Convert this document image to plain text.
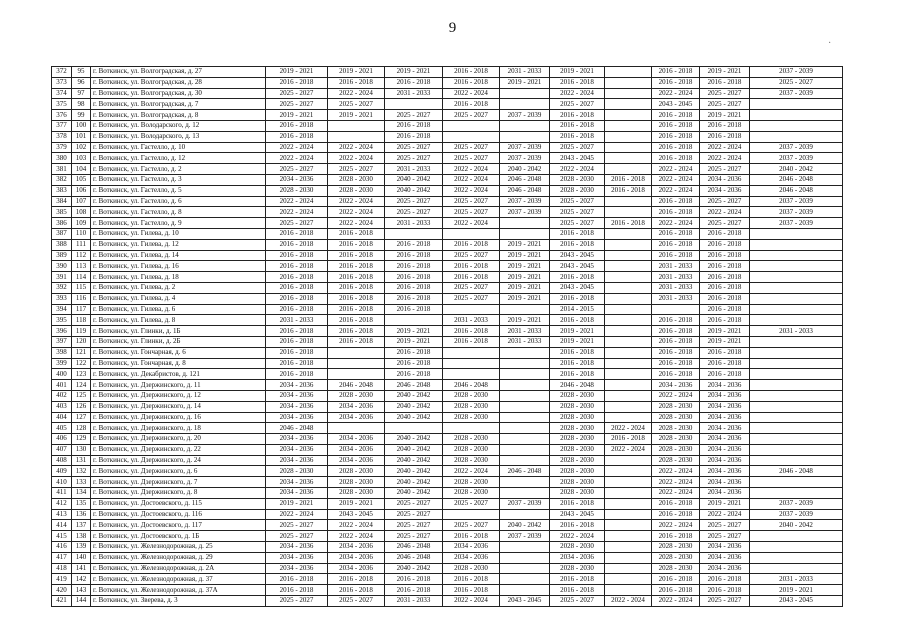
9
·
372	95	г. Воткинск, ул. Волгоградская, д. 27	2019 - 2021	2019 - 2021	2019 - 2021	2016 - 2018	2031 - 2033	2019 - 2021		2016 - 2018	2019 - 2021	2037 - 2039
373	96	г. Воткинск, ул. Волгоградская, д. 28	2016 - 2018	2016 - 2018	2016 - 2018	2016 - 2018	2019 - 2021	2016 - 2018		2016 - 2018	2016 - 2018	2025 - 2027
374	97	г. Воткинск, ул. Волгоградская, д. 30	2025 - 2027	2022 - 2024	2031 - 2033	2022 - 2024		2022 - 2024		2022 - 2024	2025 - 2027	2037 - 2039
375	98	г. Воткинск, ул. Волгоградская, д. 7	2025 - 2027	2025 - 2027		2016 - 2018		2025 - 2027		2043 - 2045	2025 - 2027	
376	99	г. Воткинск, ул. Волгоградская, д. 8	2019 - 2021	2019 - 2021	2025 - 2027	2025 - 2027	2037 - 2039	2016 - 2018		2016 - 2018	2019 - 2021	
377	100	г. Воткинск, ул. Володарского, д. 12	2016 - 2018		2016 - 2018			2016 - 2018		2016 - 2018	2016 - 2018	
378	101	г. Воткинск, ул. Володарского, д. 13	2016 - 2018		2016 - 2018			2016 - 2018		2016 - 2018	2016 - 2018	
379	102	г. Воткинск, ул. Гастелло, д. 10	2022 - 2024	2022 - 2024	2025 - 2027	2025 - 2027	2037 - 2039	2025 - 2027		2016 - 2018	2022 - 2024	2037 - 2039
380	103	г. Воткинск, ул. Гастелло, д. 12	2022 - 2024	2022 - 2024	2025 - 2027	2025 - 2027	2037 - 2039	2043 - 2045		2016 - 2018	2022 - 2024	2037 - 2039
381	104	г. Воткинск, ул. Гастелло, д. 2	2025 - 2027	2025 - 2027	2031 - 2033	2022 - 2024	2040 - 2042	2022 - 2024		2022 - 2024	2025 - 2027	2040 - 2042
382	105	г. Воткинск, ул. Гастелло, д. 3	2034 - 2036	2028 - 2030	2040 - 2042	2022 - 2024	2046 - 2048	2028 - 2030	2016 - 2018	2022 - 2024	2034 - 2036	2046 - 2048
383	106	г. Воткинск, ул. Гастелло, д. 5	2028 - 2030	2028 - 2030	2040 - 2042	2022 - 2024	2046 - 2048	2028 - 2030	2016 - 2018	2022 - 2024	2034 - 2036	2046 - 2048
384	107	г. Воткинск, ул. Гастелло, д. 6	2022 - 2024	2022 - 2024	2025 - 2027	2025 - 2027	2037 - 2039	2025 - 2027		2016 - 2018	2025 - 2027	2037 - 2039
385	108	г. Воткинск, ул. Гастелло, д. 8	2022 - 2024	2022 - 2024	2025 - 2027	2025 - 2027	2037 - 2039	2025 - 2027		2016 - 2018	2022 - 2024	2037 - 2039
386	109	г. Воткинск, ул. Гастелло, д. 9	2025 - 2027	2022 - 2024	2031 - 2033	2022 - 2024		2025 - 2027	2016 - 2018	2022 - 2024	2025 - 2027	2037 - 2039
387	110	г. Воткинск, ул. Гилева, д. 10	2016 - 2018	2016 - 2018				2016 - 2018		2016 - 2018	2016 - 2018	
388	111	г. Воткинск, ул. Гилева, д. 12	2016 - 2018	2016 - 2018	2016 - 2018	2016 - 2018	2019 - 2021	2016 - 2018		2016 - 2018	2016 - 2018	
389	112	г. Воткинск, ул. Гилева, д. 14	2016 - 2018	2016 - 2018	2016 - 2018	2025 - 2027	2019 - 2021	2043 - 2045		2016 - 2018	2016 - 2018	
390	113	г. Воткинск, ул. Гилева, д. 16	2016 - 2018	2016 - 2018	2016 - 2018	2016 - 2018	2019 - 2021	2043 - 2045		2031 - 2033	2016 - 2018	
391	114	г. Воткинск, ул. Гилева, д. 18	2016 - 2018	2016 - 2018	2016 - 2018	2016 - 2018	2019 - 2021	2016 - 2018		2031 - 2033	2016 - 2018	
392	115	г. Воткинск, ул. Гилева, д. 2	2016 - 2018	2016 - 2018	2016 - 2018	2025 - 2027	2019 - 2021	2043 - 2045		2031 - 2033	2016 - 2018	
393	116	г. Воткинск, ул. Гилева, д. 4	2016 - 2018	2016 - 2018	2016 - 2018	2025 - 2027	2019 - 2021	2016 - 2018		2031 - 2033	2016 - 2018	
394	117	г. Воткинск, ул. Гилева, д. 6	2016 - 2018	2016 - 2018	2016 - 2018			2014 - 2015			2016 - 2018	
395	118	г. Воткинск, ул. Гилева, д. 8	2031 - 2033	2016 - 2018		2031 - 2033	2019 - 2021	2016 - 2018		2016 - 2018	2016 - 2018	
396	119	г. Воткинск, ул. Глинки, д. 1Б	2016 - 2018	2016 - 2018	2019 - 2021	2016 - 2018	2031 - 2033	2019 - 2021		2016 - 2018	2019 - 2021	2031 - 2033
397	120	г. Воткинск, ул. Глинки, д. 2Б	2016 - 2018	2016 - 2018	2019 - 2021	2016 - 2018	2031 - 2033	2019 - 2021		2016 - 2018	2019 - 2021	
398	121	г. Воткинск, ул. Гончарная, д. 6	2016 - 2018		2016 - 2018			2016 - 2018		2016 - 2018	2016 - 2018	
399	122	г. Воткинск, ул. Гончарная, д. 8	2016 - 2018		2016 - 2018			2016 - 2018		2016 - 2018	2016 - 2018	
400	123	г. Воткинск, ул. Декабристов, д. 121	2016 - 2018		2016 - 2018			2016 - 2018		2016 - 2018	2016 - 2018	
401	124	г. Воткинск, ул. Дзержинского, д. 11	2034 - 2036	2046 - 2048	2046 - 2048	2046 - 2048		2046 - 2048		2034 - 2036	2034 - 2036	
402	125	г. Воткинск, ул. Дзержинского, д. 12	2034 - 2036	2028 - 2030	2040 - 2042	2028 - 2030		2028 - 2030		2022 - 2024	2034 - 2036	
403	126	г. Воткинск, ул. Дзержинского, д. 14	2034 - 2036	2034 - 2036	2040 - 2042	2028 - 2030		2028 - 2030		2028 - 2030	2034 - 2036	
404	127	г. Воткинск, ул. Дзержинского, д. 16	2034 - 2036	2034 - 2036	2040 - 2042	2028 - 2030		2028 - 2030		2028 - 2030	2034 - 2036	
405	128	г. Воткинск, ул. Дзержинского, д. 18	2046 - 2048					2028 - 2030	2022 - 2024	2028 - 2030	2034 - 2036	
406	129	г. Воткинск, ул. Дзержинского, д. 20	2034 - 2036	2034 - 2036	2040 - 2042	2028 - 2030		2028 - 2030	2016 - 2018	2028 - 2030	2034 - 2036	
407	130	г. Воткинск, ул. Дзержинского, д. 22	2034 - 2036	2034 - 2036	2040 - 2042	2028 - 2030		2028 - 2030	2022 - 2024	2028 - 2030	2034 - 2036	
408	131	г. Воткинск, ул. Дзержинского, д. 24	2034 - 2036	2034 - 2036	2040 - 2042	2028 - 2030		2028 - 2030		2028 - 2030	2034 - 2036	
409	132	г. Воткинск, ул. Дзержинского, д. 6	2028 - 2030	2028 - 2030	2040 - 2042	2022 - 2024	2046 - 2048	2028 - 2030		2022 - 2024	2034 - 2036	2046 - 2048
410	133	г. Воткинск, ул. Дзержинского, д. 7	2034 - 2036	2028 - 2030	2040 - 2042	2028 - 2030		2028 - 2030		2022 - 2024	2034 - 2036	
411	134	г. Воткинск, ул. Дзержинского, д. 8	2034 - 2036	2028 - 2030	2040 - 2042	2028 - 2030		2028 - 2030		2022 - 2024	2034 - 2036	
412	135	г. Воткинск, ул. Достоевского, д. 115	2019 - 2021	2019 - 2021	2025 - 2027	2025 - 2027	2037 - 2039	2016 - 2018		2016 - 2018	2019 - 2021	2037 - 2039
413	136	г. Воткинск, ул. Достоевского, д. 116	2022 - 2024	2043 - 2045	2025 - 2027			2043 - 2045		2016 - 2018	2022 - 2024	2037 - 2039
414	137	г. Воткинск, ул. Достоевского, д. 117	2025 - 2027	2022 - 2024	2025 - 2027	2025 - 2027	2040 - 2042	2016 - 2018		2022 - 2024	2025 - 2027	2040 - 2042
415	138	г. Воткинск, ул. Достоевского, д. 1Б	2025 - 2027	2022 - 2024	2025 - 2027	2016 - 2018	2037 - 2039	2022 - 2024		2016 - 2018	2025 - 2027	
416	139	г. Воткинск, ул. Железнодорожная, д. 25	2034 - 2036	2034 - 2036	2046 - 2048	2034 - 2036		2028 - 2030		2028 - 2030	2034 - 2036	
417	140	г. Воткинск, ул. Железнодорожная, д. 29	2034 - 2036	2034 - 2036	2046 - 2048	2034 - 2036		2034 - 2036		2028 - 2030	2034 - 2036	
418	141	г. Воткинск, ул. Железнодорожная, д. 2А	2034 - 2036	2034 - 2036	2040 - 2042	2028 - 2030		2028 - 2030		2028 - 2030	2034 - 2036	
419	142	г. Воткинск, ул. Железнодорожная, д. 37	2016 - 2018	2016 - 2018	2016 - 2018	2016 - 2018		2016 - 2018		2016 - 2018	2016 - 2018	2031 - 2033
420	143	г. Воткинск, ул. Железнодорожная, д. 37А	2016 - 2018	2016 - 2018	2016 - 2018	2016 - 2018		2016 - 2018		2016 - 2018	2016 - 2018	2019 - 2021
421	144	г. Воткинск, ул. Зверева, д. 3	2025 - 2027	2025 - 2027	2031 - 2033	2022 - 2024	2043 - 2045	2025 - 2027	2022 - 2024	2022 - 2024	2025 - 2027	2043 - 2045
